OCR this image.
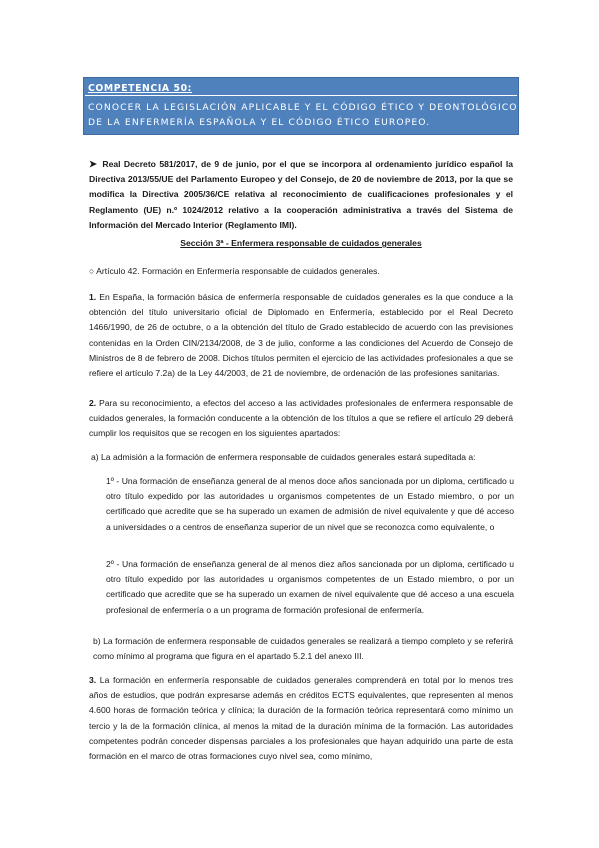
COMPETENCIA 50:
CONOCER LA LEGISLACIÓN APLICABLE Y EL CÓDIGO ÉTICO Y DEONTOLÓGICO DE LA ENFERMERÍA ESPAÑOLA Y EL CÓDIGO ÉTICO EUROPEO.
➤ Real Decreto 581/2017, de 9 de junio, por el que se incorpora al ordenamiento jurídico español la Directiva 2013/55/UE del Parlamento Europeo y del Consejo, de 20 de noviembre de 2013, por la que se modifica la Directiva 2005/36/CE relativa al reconocimiento de cualificaciones profesionales y el Reglamento (UE) n.º 1024/2012 relativo a la cooperación administrativa a través del Sistema de Información del Mercado Interior (Reglamento IMI).
Sección 3ª - Enfermera responsable de cuidados generales
○ Artículo 42. Formación en Enfermería responsable de cuidados generales.
1. En España, la formación básica de enfermería responsable de cuidados generales es la que conduce a la obtención del título universitario oficial de Diplomado en Enfermería, establecido por el Real Decreto 1466/1990, de 26 de octubre, o a la obtención del título de Grado establecido de acuerdo con las previsiones contenidas en la Orden CIN/2134/2008, de 3 de julio, conforme a las condiciones del Acuerdo de Consejo de Ministros de 8 de febrero de 2008. Dichos títulos permiten el ejercicio de las actividades profesionales a que se refiere el artículo 7.2a) de la Ley 44/2003, de 21 de noviembre, de ordenación de las profesiones sanitarias.
2. Para su reconocimiento, a efectos del acceso a las actividades profesionales de enfermera responsable de cuidados generales, la formación conducente a la obtención de los títulos a que se refiere el artículo 29 deberá cumplir los requisitos que se recogen en los siguientes apartados:
a) La admisión a la formación de enfermera responsable de cuidados generales estará supeditada a:
1º - Una formación de enseñanza general de al menos doce años sancionada por un diploma, certificado u otro título expedido por las autoridades u organismos competentes de un Estado miembro, o por un certificado que acredite que se ha superado un examen de admisión de nivel equivalente y que dé acceso a universidades o a centros de enseñanza superior de un nivel que se reconozca como equivalente, o
2º - Una formación de enseñanza general de al menos diez años sancionada por un diploma, certificado u otro título expedido por las autoridades u organismos competentes de un Estado miembro, o por un certificado que acredite que se ha superado un examen de nivel equivalente que dé acceso a una escuela profesional de enfermería o a un programa de formación profesional de enfermería.
b) La formación de enfermera responsable de cuidados generales se realizará a tiempo completo y se referirá como mínimo al programa que figura en el apartado 5.2.1 del anexo III.
3. La formación en enfermería responsable de cuidados generales comprenderá en total por lo menos tres años de estudios, que podrán expresarse además en créditos ECTS equivalentes, que representen al menos 4.600 horas de formación teórica y clínica; la duración de la formación teórica representará como mínimo un tercio y la de la formación clínica, al menos la mitad de la duración mínima de la formación. Las autoridades competentes podrán conceder dispensas parciales a los profesionales que hayan adquirido una parte de esta formación en el marco de otras formaciones cuyo nivel sea, como mínimo,
